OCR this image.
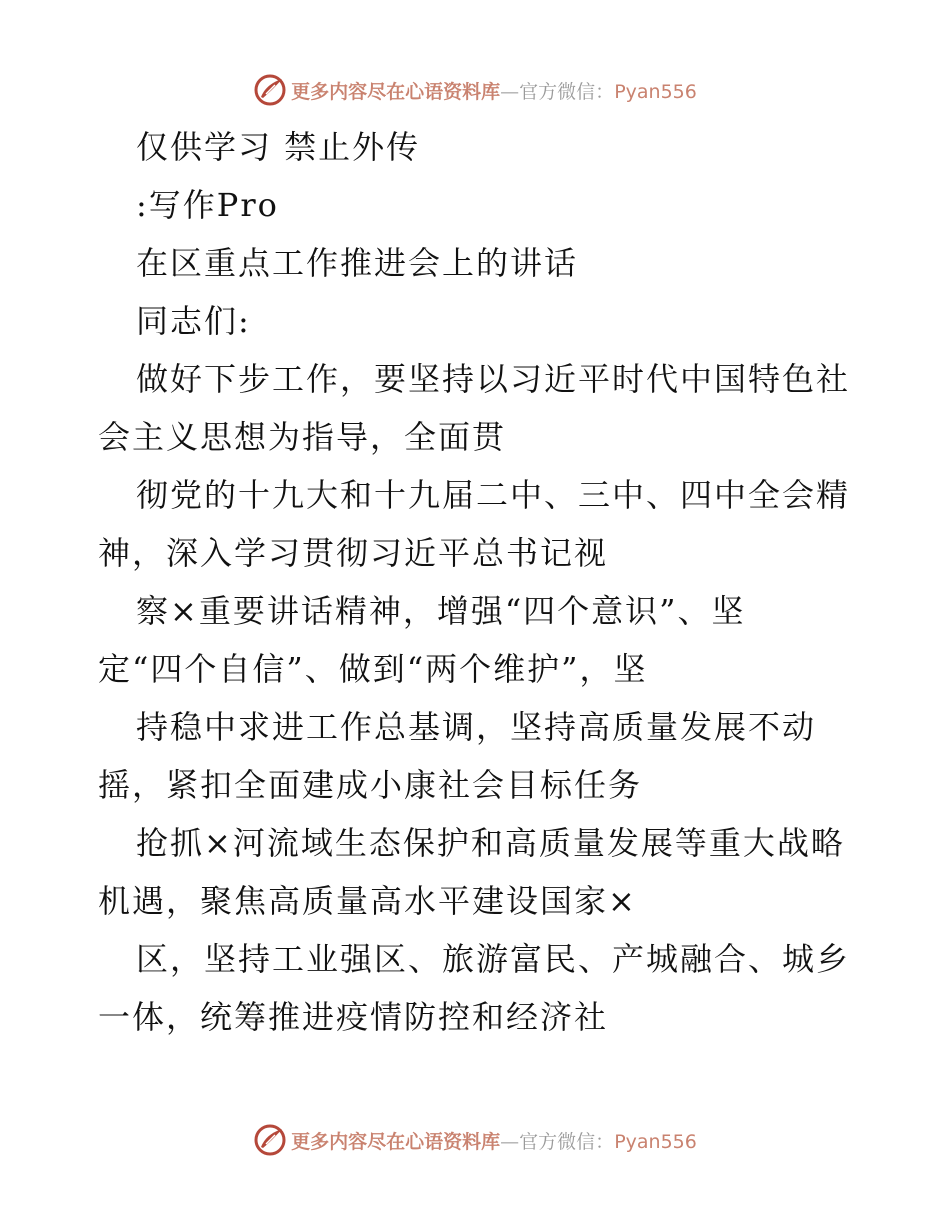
更多内容尽在心语资料库—官方微信：Pyan556
仅供学习 禁止外传
:写作Pro
在区重点工作推进会上的讲话
同志们:
做好下步工作，要坚持以习近平时代中国特色社
会主义思想为指导，全面贯
彻党的十九大和十九届二中、三中、四中全会精
神，深入学习贯彻习近平总书记视
察×重要讲话精神，增强“四个意识”、坚
定“四个自信”、做到“两个维护”，坚
持稳中求进工作总基调，坚持高质量发展不动
摇，紧扣全面建成小康社会目标任务
抢抓×河流域生态保护和高质量发展等重大战略
机遇，聚焦高质量高水平建设国家×
区，坚持工业强区、旅游富民、产城融合、城乡
一体，统筹推进疫情防控和经济社
更多内容尽在心语资料库—官方微信：Pyan556
